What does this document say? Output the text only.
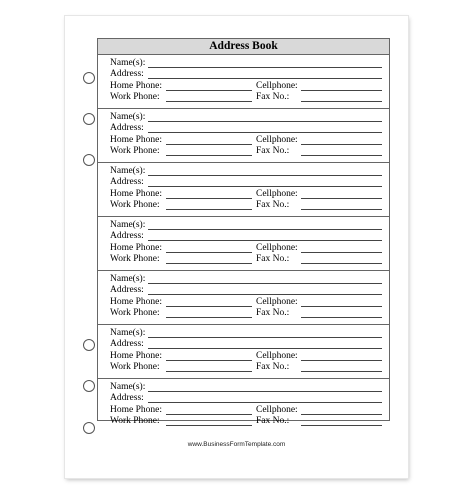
Address Book
Name(s):
Address:
Home Phone:	Cellphone:
Work Phone:	Fax No.:
Name(s):
Address:
Home Phone:	Cellphone:
Work Phone:	Fax No.:
Name(s):
Address:
Home Phone:	Cellphone:
Work Phone:	Fax No.:
Name(s):
Address:
Home Phone:	Cellphone:
Work Phone:	Fax No.:
Name(s):
Address:
Home Phone:	Cellphone:
Work Phone:	Fax No.:
Name(s):
Address:
Home Phone:	Cellphone:
Work Phone:	Fax No.:
Name(s):
Address:
Home Phone:	Cellphone:
Work Phone:	Fax No.:
www.BusinessFormTemplate.com
